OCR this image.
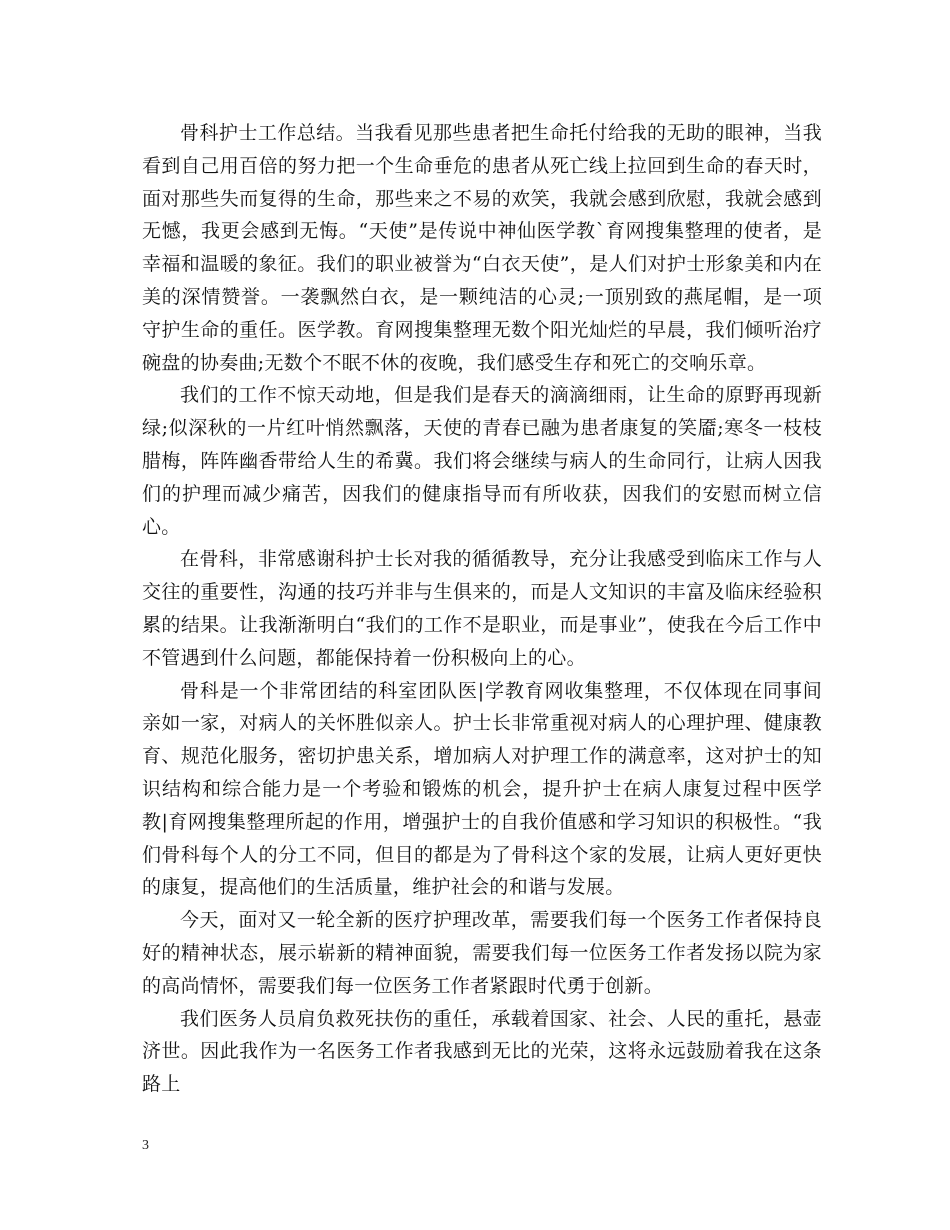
骨科护士工作总结。当我看见那些患者把生命托付给我的无助的眼神，当我看到自己用百倍的努力把一个生命垂危的患者从死亡线上拉回到生命的春天时，面对那些失而复得的生命，那些来之不易的欢笑，我就会感到欣慰，我就会感到无憾，我更会感到无悔。“天使”是传说中神仙医学教`育网搜集整理的使者，是幸福和温暖的象征。我们的职业被誉为“白衣天使”，是人们对护士形象美和内在美的深情赞誉。一袭飘然白衣，是一颗纯洁的心灵;一顶别致的燕尾帽，是一项守护生命的重任。医学教。育网搜集整理无数个阳光灿烂的早晨，我们倾听治疗碗盘的协奏曲;无数个不眠不休的夜晚，我们感受生存和死亡的交响乐章。

我们的工作不惊天动地，但是我们是春天的滴滴细雨，让生命的原野再现新绿;似深秋的一片红叶悄然飘落，天使的青春已融为患者康复的笑靥;寒冬一枝枝腊梅，阵阵幽香带给人生的希冀。我们将会继续与病人的生命同行，让病人因我们的护理而减少痛苦，因我们的健康指导而有所收获，因我们的安慰而树立信心。

在骨科，非常感谢科护士长对我的循循教导，充分让我感受到临床工作与人交往的重要性，沟通的技巧并非与生俱来的，而是人文知识的丰富及临床经验积累的结果。让我渐渐明白“我们的工作不是职业，而是事业”，使我在今后工作中不管遇到什么问题，都能保持着一份积极向上的心。

骨科是一个非常团结的科室团队医|学教育网收集整理，不仅体现在同事间亲如一家，对病人的关怀胜似亲人。护士长非常重视对病人的心理护理、健康教育、规范化服务，密切护患关系，增加病人对护理工作的满意率，这对护士的知识结构和综合能力是一个考验和锻炼的机会，提升护士在病人康复过程中医学教|育网搜集整理所起的作用，增强护士的自我价值感和学习知识的积极性。“我们骨科每个人的分工不同，但目的都是为了骨科这个家的发展，让病人更好更快的康复，提高他们的生活质量，维护社会的和谐与发展。

今天，面对又一轮全新的医疗护理改革，需要我们每一个医务工作者保持良好的精神状态，展示崭新的精神面貌，需要我们每一位医务工作者发扬以院为家的高尚情怀，需要我们每一位医务工作者紧跟时代勇于创新。

我们医务人员肩负救死扶伤的重任，承载着国家、社会、人民的重托，悬壶济世。因此我作为一名医务工作者我感到无比的光荣，这将永远鼓励着我在这条路上

3
